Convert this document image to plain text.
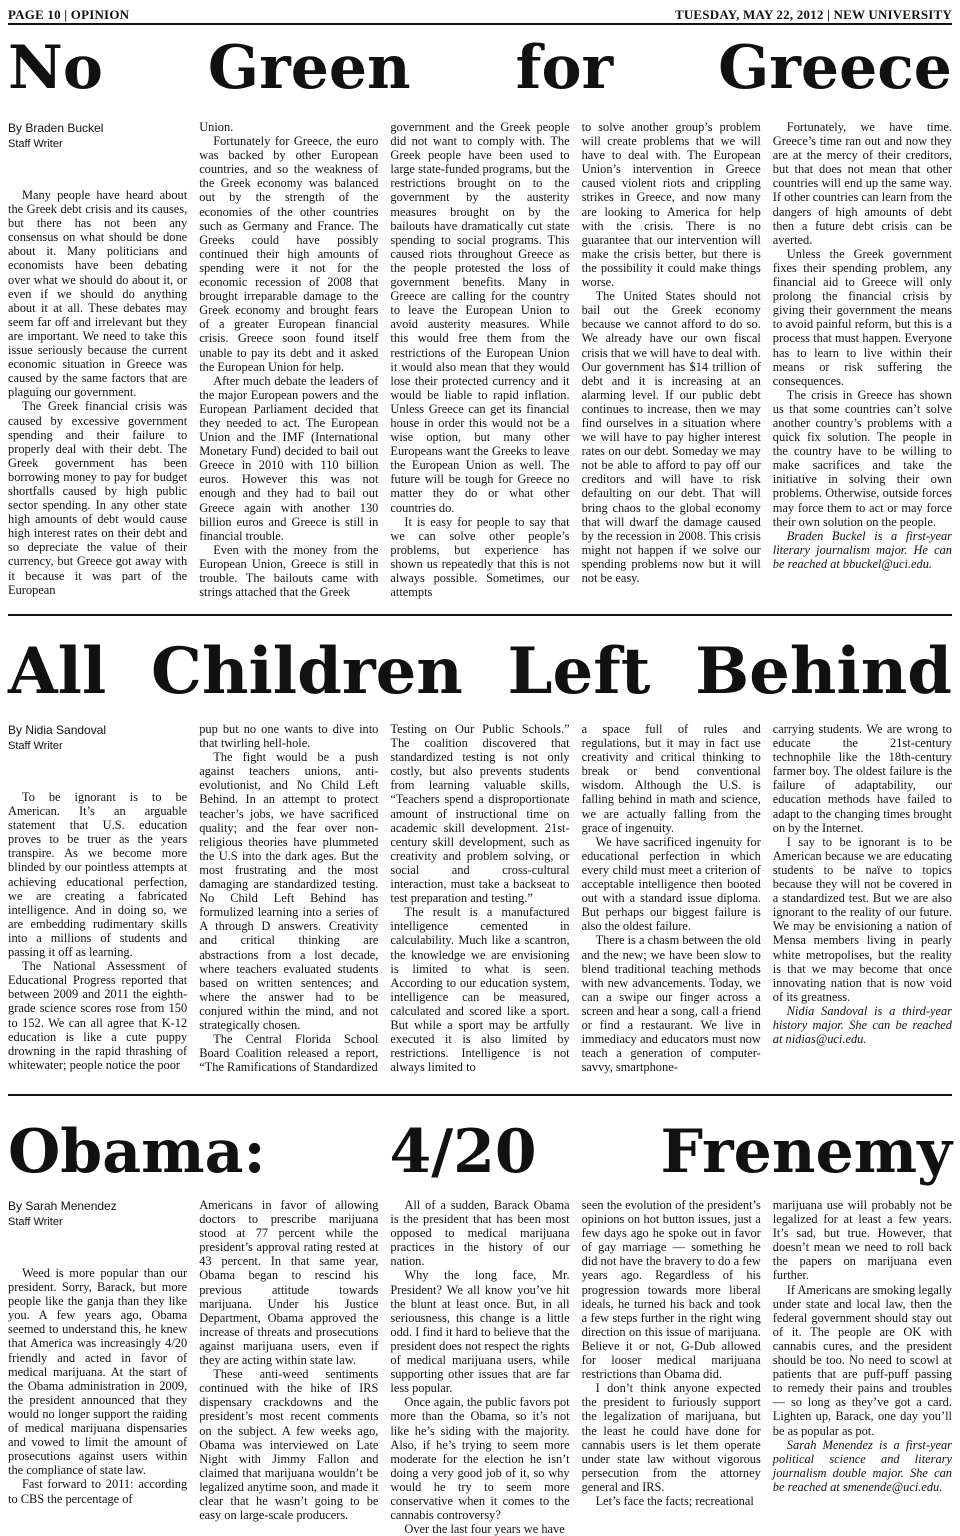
PAGE 10 | OPINION	TUESDAY, MAY 22, 2012 | NEW UNIVERSITY
No Green for Greece
By Braden Buckel
Staff Writer

Many people have heard about the Greek debt crisis and its causes, but there has not been any consensus on what should be done about it. Many politicians and economists have been debating over what we should do about it, or even if we should do anything about it at all. These debates may seem far off and irrelevant but they are important. We need to take this issue seriously because the current economic situation in Greece was caused by the same factors that are plaguing our government.

The Greek financial crisis was caused by excessive government spending and their failure to properly deal with their debt. The Greek government has been borrowing money to pay for budget shortfalls caused by high public sector spending. In any other state high amounts of debt would cause high interest rates on their debt and so depreciate the value of their currency, but Greece got away with it because it was part of the European

Union.

Fortunately for Greece, the euro was backed by other European countries, and so the weakness of the Greek economy was balanced out by the strength of the economies of the other countries such as Germany and France. The Greeks could have possibly continued their high amounts of spending were it not for the economic recession of 2008 that brought irreparable damage to the Greek economy and brought fears of a greater European financial crisis. Greece soon found itself unable to pay its debt and it asked the European Union for help.

After much debate the leaders of the major European powers and the European Parliament decided that they needed to act. The European Union and the IMF (International Monetary Fund) decided to bail out Greece in 2010 with 110 billion euros. However this was not enough and they had to bail out Greece again with another 130 billion euros and Greece is still in financial trouble.

Even with the money from the European Union, Greece is still in trouble. The bailouts came with strings attached that the Greek

government and the Greek people did not want to comply with. The Greek people have been used to large state-funded programs, but the restrictions brought on to the government by the austerity measures brought on by the bailouts have dramatically cut state spending to social programs. This caused riots throughout Greece as the people protested the loss of government benefits. Many in Greece are calling for the country to leave the European Union to avoid austerity measures. While this would free them from the restrictions of the European Union it would also mean that they would lose their protected currency and it would be liable to rapid inflation. Unless Greece can get its financial house in order this would not be a wise option, but many other Europeans want the Greeks to leave the European Union as well. The future will be tough for Greece no matter they do or what other countries do.

It is easy for people to say that we can solve other people’s problems, but experience has shown us repeatedly that this is not always possible. Sometimes, our attempts

to solve another group’s problem will create problems that we will have to deal with. The European Union’s intervention in Greece caused violent riots and crippling strikes in Greece, and now many are looking to America for help with the crisis. There is no guarantee that our intervention will make the crisis better, but there is the possibility it could make things worse.

The United States should not bail out the Greek economy because we cannot afford to do so. We already have our own fiscal crisis that we will have to deal with. Our government has $14 trillion of debt and it is increasing at an alarming level. If our public debt continues to increase, then we may find ourselves in a situation where we will have to pay higher interest rates on our debt. Someday we may not be able to afford to pay off our creditors and will have to risk defaulting on our debt. That will bring chaos to the global economy that will dwarf the damage caused by the recession in 2008. This crisis might not happen if we solve our spending problems now but it will not be easy.

Fortunately, we have time. Greece’s time ran out and now they are at the mercy of their creditors, but that does not mean that other countries will end up the same way. If other countries can learn from the dangers of high amounts of debt then a future debt crisis can be averted.

Unless the Greek government fixes their spending problem, any financial aid to Greece will only prolong the financial crisis by giving their government the means to avoid painful reform, but this is a process that must happen. Everyone has to learn to live within their means or risk suffering the consequences.

The crisis in Greece has shown us that some countries can’t solve another country’s problems with a quick fix solution. The people in the country have to be willing to make sacrifices and take the initiative in solving their own problems. Otherwise, outside forces may force them to act or may force their own solution on the people.

Braden Buckel is a first-year literary journalism major. He can be reached at bbuckel@uci.edu.

All Children Left Behind
By Nidia Sandoval
Staff Writer

To be ignorant is to be American. It’s an arguable statement that U.S. education proves to be truer as the years transpire. As we become more blinded by our pointless attempts at achieving educational perfection, we are creating a fabricated intelligence. And in doing so, we are embedding rudimentary skills into a millions of students and passing it off as learning.

The National Assessment of Educational Progress reported that between 2009 and 2011 the eighth-grade science scores rose from 150 to 152. We can all agree that K-12 education is like a cute puppy drowning in the rapid thrashing of whitewater; people notice the poor

pup but no one wants to dive into that twirling hell-hole.

The fight would be a push against teachers unions, anti-evolutionist, and No Child Left Behind. In an attempt to protect teacher’s jobs, we have sacrificed quality; and the fear over non-religious theories have plummeted the U.S into the dark ages. But the most frustrating and the most damaging are standardized testing. No Child Left Behind has formulized learning into a series of A through D answers. Creativity and critical thinking are abstractions from a lost decade, where teachers evaluated students based on written sentences; and where the answer had to be conjured within the mind, and not strategically chosen.

The Central Florida School Board Coalition released a report, “The Ramifications of Standardized

Testing on Our Public Schools.” The coalition discovered that standardized testing is not only costly, but also prevents students from learning valuable skills, “Teachers spend a disproportionate amount of instructional time on academic skill development. 21st-century skill development, such as creativity and problem solving, or social and cross-cultural interaction, must take a backseat to test preparation and testing.”

The result is a manufactured intelligence cemented in calculability. Much like a scantron, the knowledge we are envisioning is limited to what is seen. According to our education system, intelligence can be measured, calculated and scored like a sport. But while a sport may be artfully executed it is also limited by restrictions. Intelligence is not always limited to

a space full of rules and regulations, but it may in fact use creativity and critical thinking to break or bend conventional wisdom. Although the U.S. is falling behind in math and science, we are actually falling from the grace of ingenuity.

We have sacrificed ingenuity for educational perfection in which every child must meet a criterion of acceptable intelligence then booted out with a standard issue diploma. But perhaps our biggest failure is also the oldest failure.

There is a chasm between the old and the new; we have been slow to blend traditional teaching methods with new advancements. Today, we can a swipe our finger across a screen and hear a song, call a friend or find a restaurant. We live in immediacy and educators must now teach a generation of computer-savvy, smartphone-

carrying students. We are wrong to educate the 21st-century technophile like the 18th-century farmer boy. The oldest failure is the failure of adaptability, our education methods have failed to adapt to the changing times brought on by the Internet.

I say to be ignorant is to be American because we are educating students to be naïve to topics because they will not be covered in a standardized test. But we are also ignorant to the reality of our future. We may be envisioning a nation of Mensa members living in pearly white metropolises, but the reality is that we may become that once innovating nation that is now void of its greatness.

Nidia Sandoval is a third-year history major. She can be reached at nidias@uci.edu.

Obama: 4/20 Frenemy
By Sarah Menendez
Staff Writer

Weed is more popular than our president. Sorry, Barack, but more people like the ganja than they like you. A few years ago, Obama seemed to understand this, he knew that America was increasingly 4/20 friendly and acted in favor of medical marijuana. At the start of the Obama administration in 2009, the president announced that they would no longer support the raiding of medical marijuana dispensaries and vowed to limit the amount of prosecutions against users within the compliance of state law.

Fast forward to 2011: according to CBS the percentage of

Americans in favor of allowing doctors to prescribe marijuana stood at 77 percent while the president’s approval rating rested at 43 percent. In that same year, Obama began to rescind his previous attitude towards marijuana. Under his Justice Department, Obama approved the increase of threats and prosecutions against marijuana users, even if they are acting within state law.

These anti-weed sentiments continued with the hike of IRS dispensary crackdowns and the president’s most recent comments on the subject. A few weeks ago, Obama was interviewed on Late Night with Jimmy Fallon and claimed that marijuana wouldn’t be legalized anytime soon, and made it clear that he wasn’t going to be easy on large-scale producers.

All of a sudden, Barack Obama is the president that has been most opposed to medical marijuana practices in the history of our nation.

Why the long face, Mr. President? We all know you’ve hit the blunt at least once. But, in all seriousness, this change is a little odd. I find it hard to believe that the president does not respect the rights of medical marijuana users, while supporting other issues that are far less popular.

Once again, the public favors pot more than the Obama, so it’s not like he’s siding with the majority. Also, if he’s trying to seem more moderate for the election he isn’t doing a very good job of it, so why would he try to seem more conservative when it comes to the cannabis controversy?

Over the last four years we have

seen the evolution of the president’s opinions on hot button issues, just a few days ago he spoke out in favor of gay marriage — something he did not have the bravery to do a few years ago. Regardless of his progression towards more liberal ideals, he turned his back and took a few steps further in the right wing direction on this issue of marijuana. Believe it or not, G-Dub allowed for looser medical marijuana restrictions than Obama did.

I don’t think anyone expected the president to furiously support the legalization of marijuana, but the least he could have done for cannabis users is let them operate under state law without vigorous persecution from the attorney general and IRS.

Let’s face the facts; recreational

marijuana use will probably not be legalized for at least a few years. It’s sad, but true. However, that doesn’t mean we need to roll back the papers on marijuana even further.

If Americans are smoking legally under state and local law, then the federal government should stay out of it. The people are OK with cannabis cures, and the president should be too. No need to scowl at patients that are puff-puff passing to remedy their pains and troubles — so long as they’ve got a card. Lighten up, Barack, one day you’ll be as popular as pot.

Sarah Menendez is a first-year political science and literary journalism double major. She can be reached at smenende@uci.edu.
